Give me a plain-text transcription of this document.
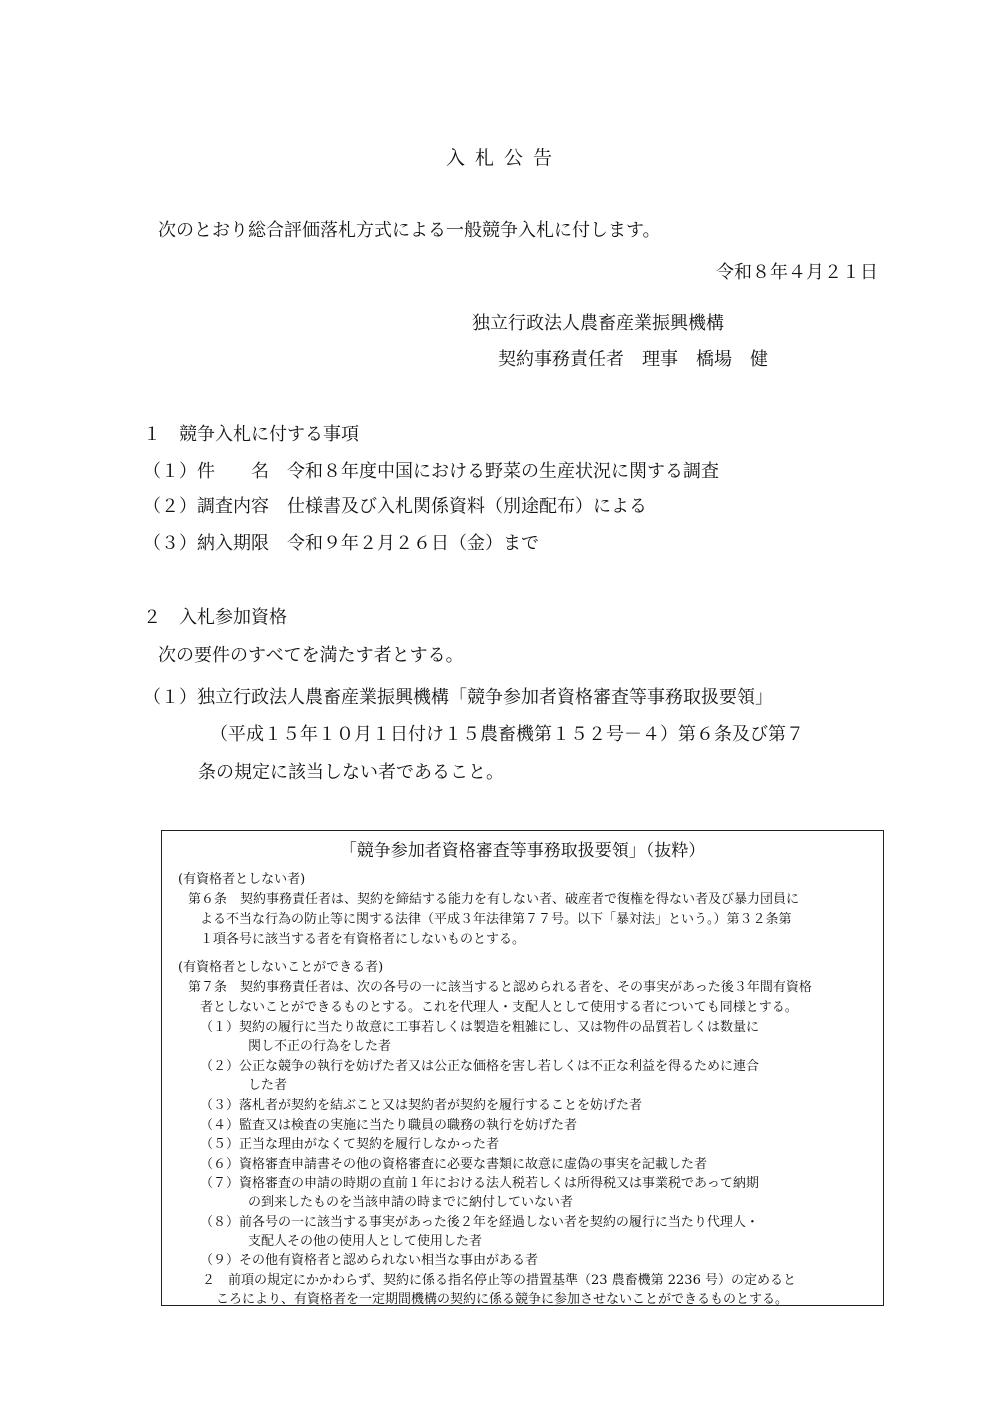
入 札 公 告
次のとおり総合評価落札方式による一般競争入札に付します。
令和８年４月２１日
独立行政法人農畜産業振興機構
契約事務責任者　理事　橋場　健
１　競争入札に付する事項
（１）件　　名　令和８年度中国における野菜の生産状況に関する調査
（２）調査内容　仕様書及び入札関係資料（別途配布）による
（３）納入期限　令和９年２月２６日（金）まで
２　入札参加資格
次の要件のすべてを満たす者とする。
（１）独立行政法人農畜産業振興機構「競争参加者資格審査等事務取扱要領」
（平成１５年１０月１日付け１５農畜機第１５２号－４）第６条及び第７
条の規定に該当しない者であること。
「競争参加者資格審査等事務取扱要領」（抜粋）
(有資格者としない者)
第６条　契約事務責任者は、契約を締結する能力を有しない者、破産者で復権を得ない者及び暴力団員に
よる不当な行為の防止等に関する法律（平成３年法律第７７号。以下「暴対法」という。）第３２条第
１項各号に該当する者を有資格者にしないものとする。
(有資格者としないことができる者)
第７条　契約事務責任者は、次の各号の一に該当すると認められる者を、その事実があった後３年間有資格
者としないことができるものとする。これを代理人・支配人として使用する者についても同様とする。
（１）契約の履行に当たり故意に工事若しくは製造を粗雑にし、又は物件の品質若しくは数量に
関し不正の行為をした者
（２）公正な競争の執行を妨げた者又は公正な価格を害し若しくは不正な利益を得るために連合
した者
（３）落札者が契約を結ぶこと又は契約者が契約を履行することを妨げた者
（４）監査又は検査の実施に当たり職員の職務の執行を妨げた者
（５）正当な理由がなくて契約を履行しなかった者
（６）資格審査申請書その他の資格審査に必要な書類に故意に虚偽の事実を記載した者
（７）資格審査の申請の時期の直前１年における法人税若しくは所得税又は事業税であって納期
の到来したものを当該申請の時までに納付していない者
（８）前各号の一に該当する事実があった後２年を経過しない者を契約の履行に当たり代理人・
支配人その他の使用人として使用した者
（９）その他有資格者と認められない相当な事由がある者
２　前項の規定にかかわらず、契約に係る指名停止等の措置基準（23 農畜機第 2236 号）の定めると
ころにより、有資格者を一定期間機構の契約に係る競争に参加させないことができるものとする。
